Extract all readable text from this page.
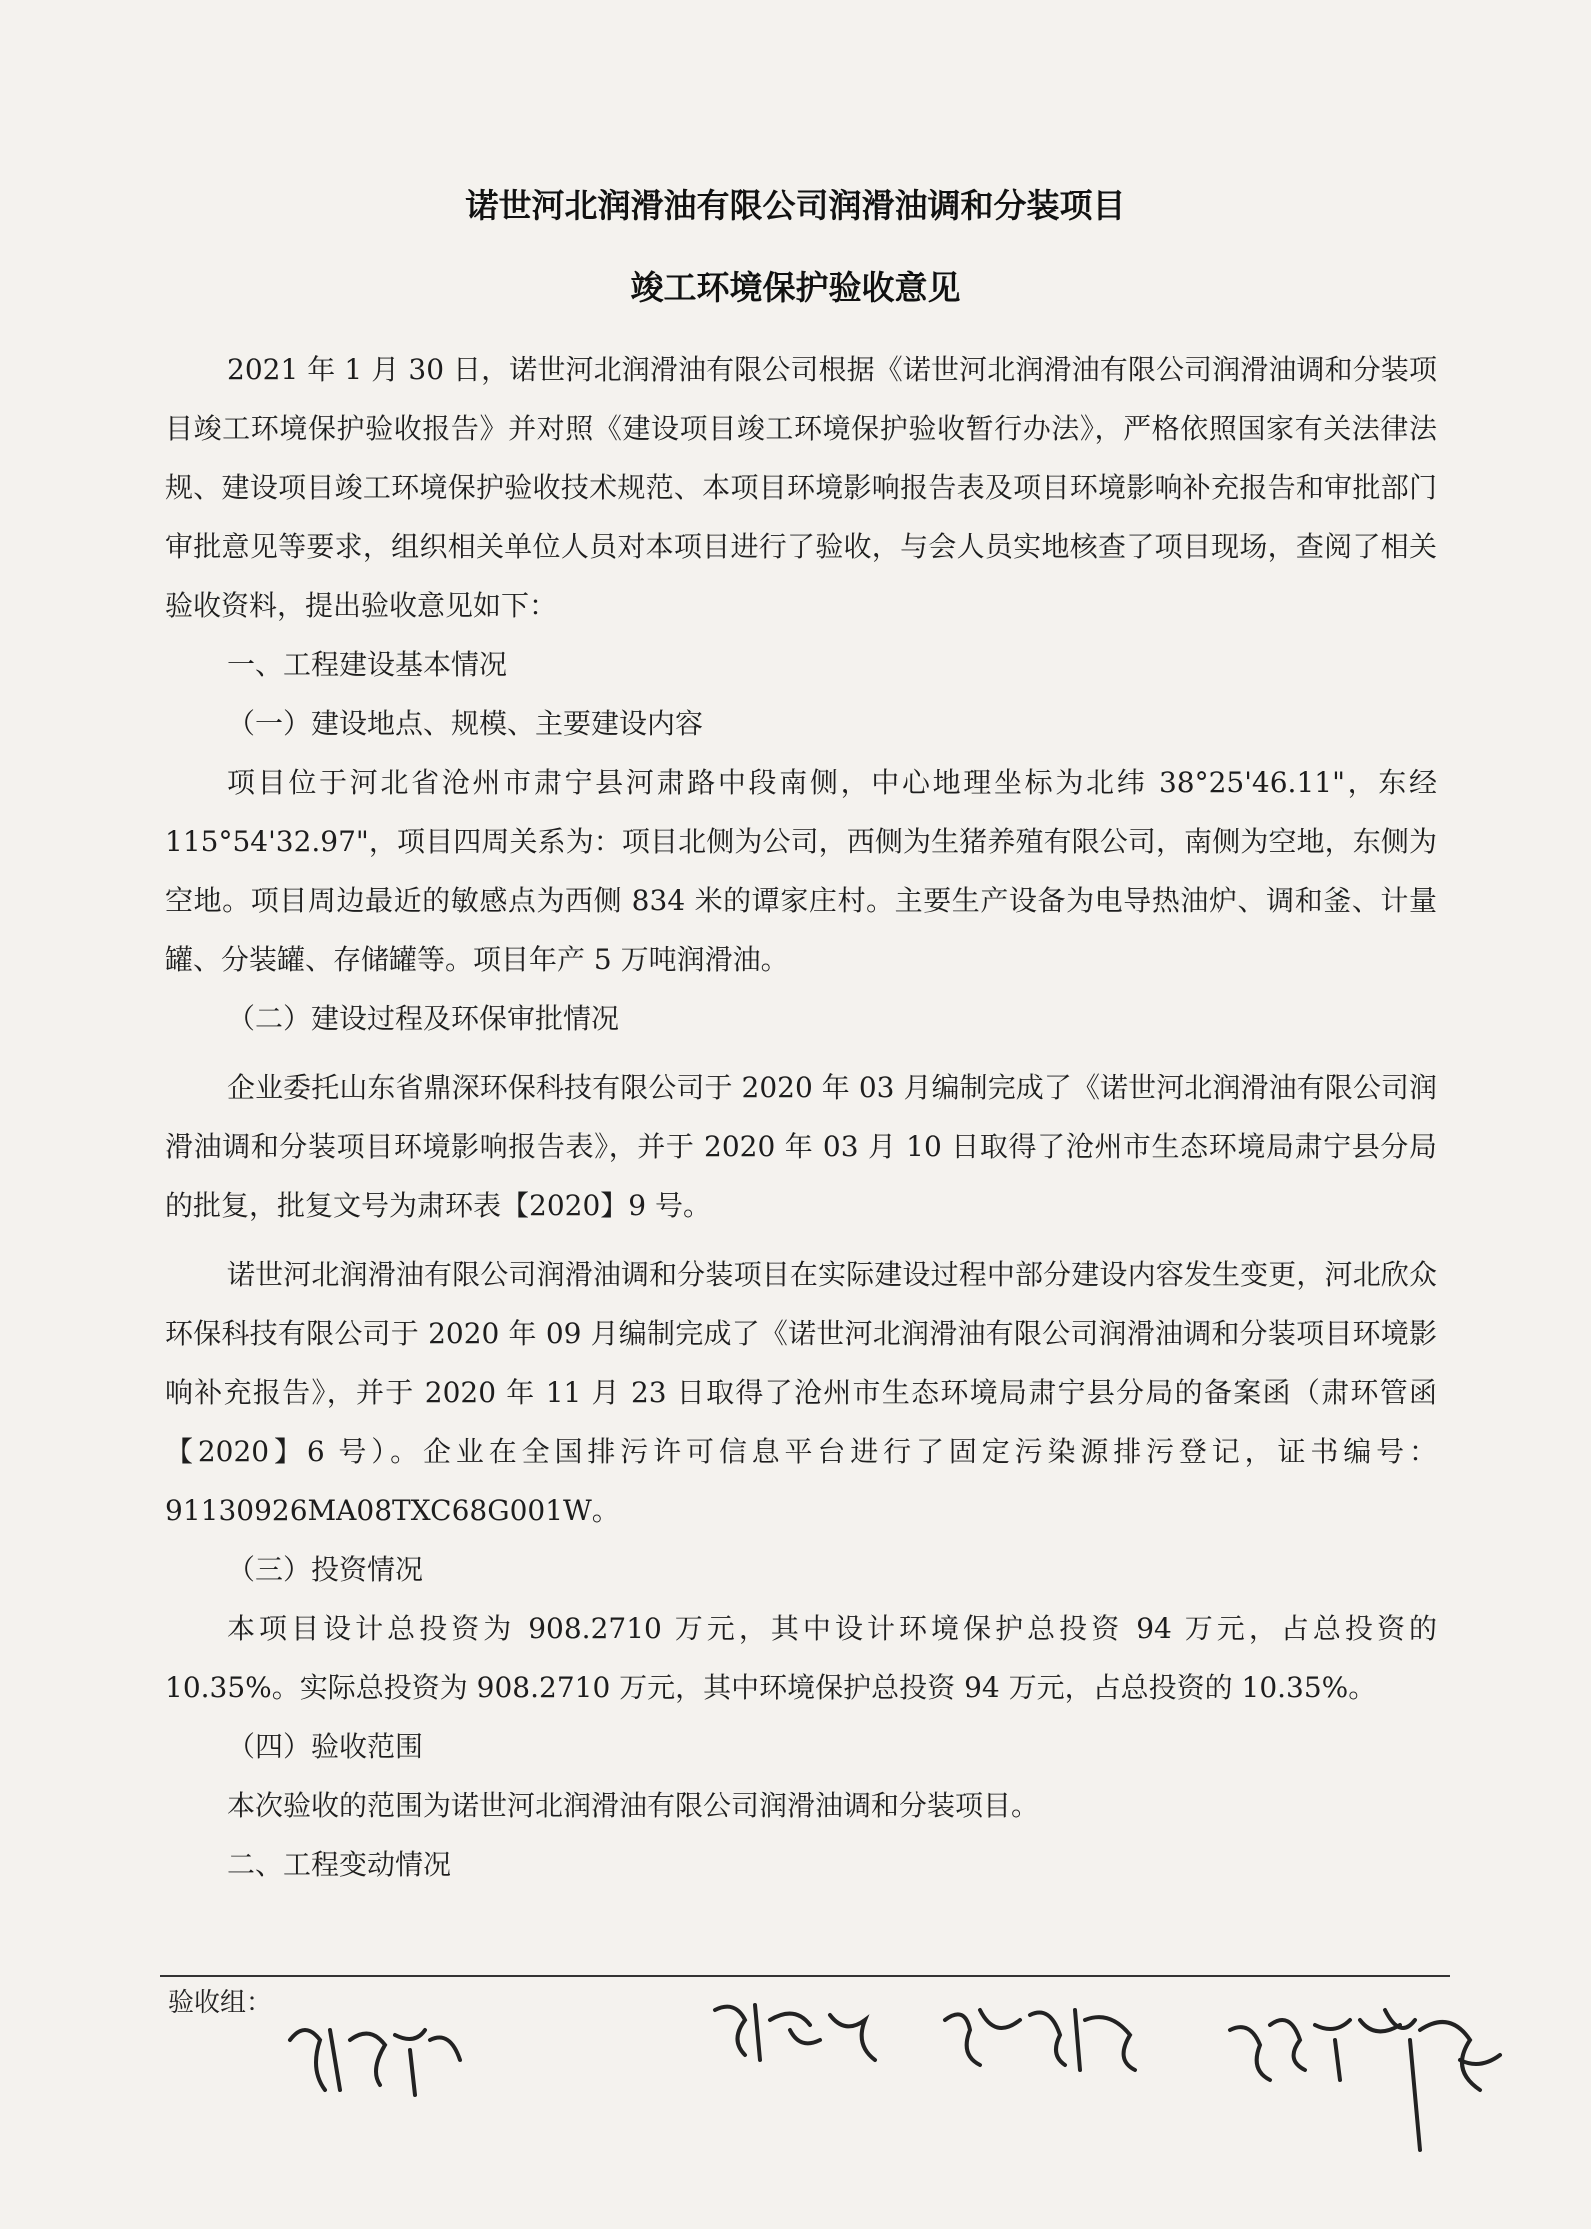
诺世河北润滑油有限公司润滑油调和分装项目
竣工环境保护验收意见

2021 年 1 月 30 日，诺世河北润滑油有限公司根据《诺世河北润滑油有限公司润滑油调和分装项目竣工环境保护验收报告》并对照《建设项目竣工环境保护验收暂行办法》，严格依照国家有关法律法规、建设项目竣工环境保护验收技术规范、本项目环境影响报告表及项目环境影响补充报告和审批部门审批意见等要求，组织相关单位人员对本项目进行了验收，与会人员实地核查了项目现场，查阅了相关验收资料，提出验收意见如下：

一、工程建设基本情况

（一）建设地点、规模、主要建设内容

项目位于河北省沧州市肃宁县河肃路中段南侧，中心地理坐标为北纬 38°25'46.11"，东经 115°54'32.97"，项目四周关系为：项目北侧为公司，西侧为生猪养殖有限公司，南侧为空地，东侧为空地。项目周边最近的敏感点为西侧 834 米的谭家庄村。主要生产设备为电导热油炉、调和釜、计量罐、分装罐、存储罐等。项目年产 5 万吨润滑油。

（二）建设过程及环保审批情况

企业委托山东省鼎深环保科技有限公司于 2020 年 03 月编制完成了《诺世河北润滑油有限公司润滑油调和分装项目环境影响报告表》，并于 2020 年 03 月 10 日取得了沧州市生态环境局肃宁县分局的批复，批复文号为肃环表【2020】9 号。

诺世河北润滑油有限公司润滑油调和分装项目在实际建设过程中部分建设内容发生变更，河北欣众环保科技有限公司于 2020 年 09 月编制完成了《诺世河北润滑油有限公司润滑油调和分装项目环境影响补充报告》，并于 2020 年 11 月 23 日取得了沧州市生态环境局肃宁县分局的备案函（肃环管函【2020】6 号）。企业在全国排污许可信息平台进行了固定污染源排污登记，证书编号：91130926MA08TXC68G001W。

（三）投资情况

本项目设计总投资为 908.2710 万元，其中设计环境保护总投资 94 万元，占总投资的 10.35%。实际总投资为 908.2710 万元，其中环境保护总投资 94 万元，占总投资的 10.35%。

（四）验收范围

本次验收的范围为诺世河北润滑油有限公司润滑油调和分装项目。

二、工程变动情况

验收组：
